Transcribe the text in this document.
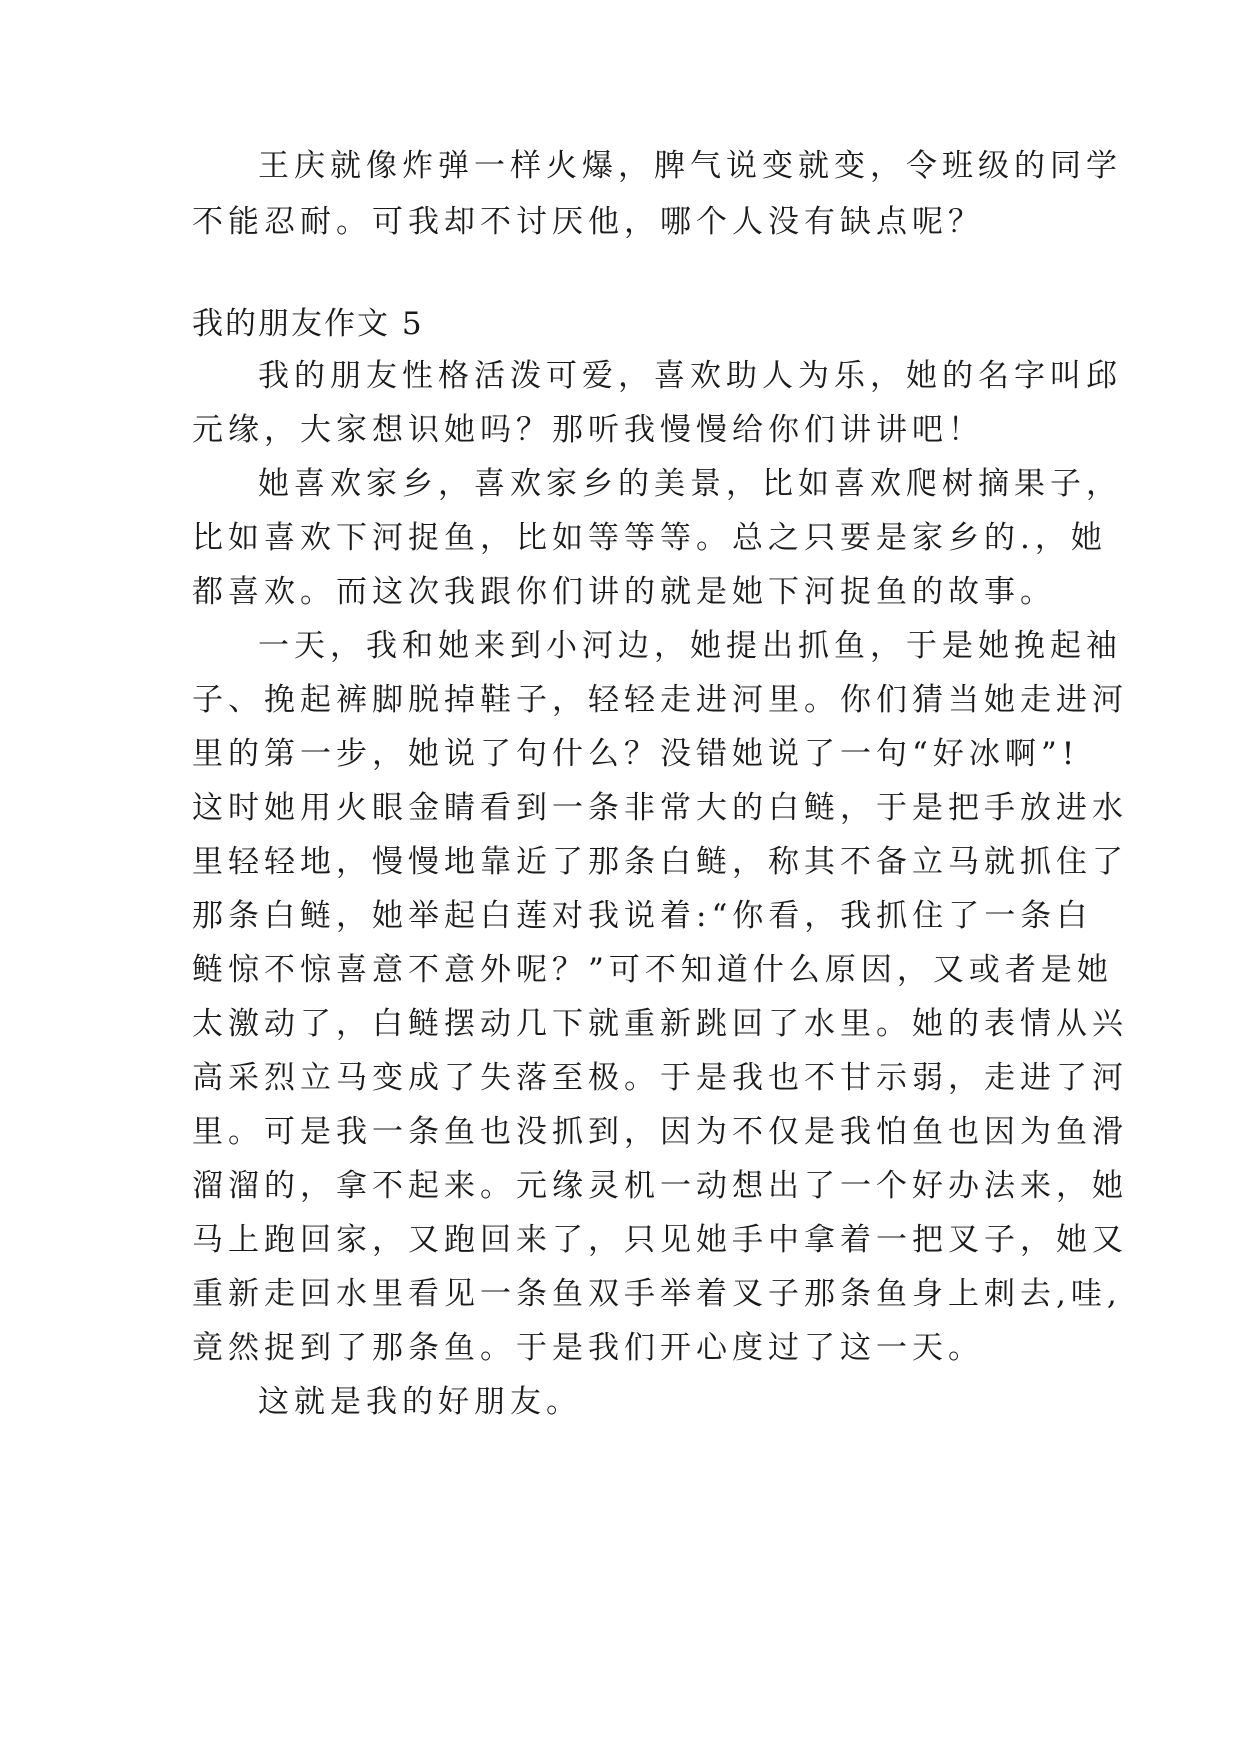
王庆就像炸弹一样火爆，脾气说变就变，令班级的同学
不能忍耐。可我却不讨厌他，哪个人没有缺点呢？
我的朋友作文 5
我的朋友性格活泼可爱，喜欢助人为乐，她的名字叫邱
元缘，大家想识她吗？那听我慢慢给你们讲讲吧！
她喜欢家乡，喜欢家乡的美景，比如喜欢爬树摘果子，
比如喜欢下河捉鱼，比如等等等。总之只要是家乡的.，她
都喜欢。而这次我跟你们讲的就是她下河捉鱼的故事。
一天，我和她来到小河边，她提出抓鱼，于是她挽起袖
子、挽起裤脚脱掉鞋子，轻轻走进河里。你们猜当她走进河
里的第一步，她说了句什么？没错她说了一句“好冰啊”!
这时她用火眼金睛看到一条非常大的白鲢，于是把手放进水
里轻轻地，慢慢地靠近了那条白鲢，称其不备立马就抓住了
那条白鲢，她举起白莲对我说着:“你看，我抓住了一条白
鲢惊不惊喜意不意外呢？”可不知道什么原因，又或者是她
太激动了，白鲢摆动几下就重新跳回了水里。她的表情从兴
高采烈立马变成了失落至极。于是我也不甘示弱，走进了河
里。可是我一条鱼也没抓到，因为不仅是我怕鱼也因为鱼滑
溜溜的，拿不起来。元缘灵机一动想出了一个好办法来，她
马上跑回家，又跑回来了，只见她手中拿着一把叉子，她又
重新走回水里看见一条鱼双手举着叉子那条鱼身上刺去,哇,
竟然捉到了那条鱼。于是我们开心度过了这一天。
这就是我的好朋友。
